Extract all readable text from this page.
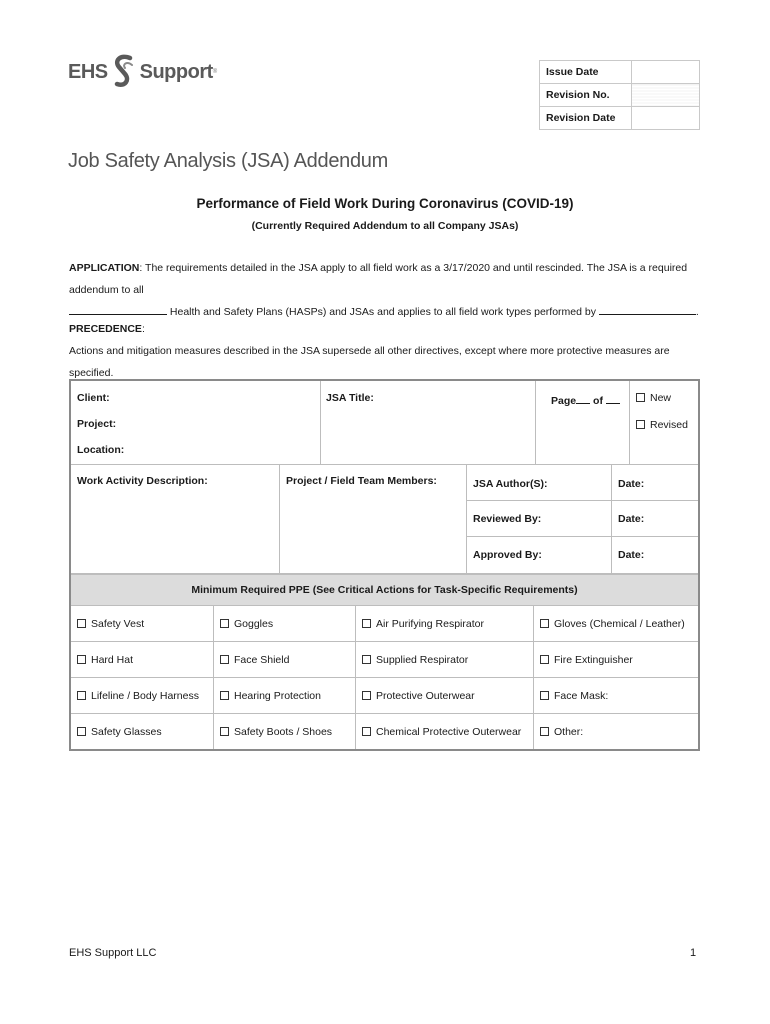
EHS Support ®	Issue Date	
Revision No.	
Revision Date	
Job Safety Analysis (JSA) Addendum
Performance of Field Work During Coronavirus (COVID-19)
(Currently Required Addendum to all Company JSAs)
APPLICATION: The requirements detailed in the JSA apply to all field work as a 3/17/2020 and until rescinded. The JSA is a required addendum to all
Health and Safety Plans (HASPs) and JSAs and applies to all field work types performed by	.
PRECEDENCE:
Actions and mitigation measures described in the JSA supersede all other directives, except where more protective measures are specified.
Client:
Project:
Location:
JSA Title:	Page of	New
Revised
Work Activity Description:	Project / Field Team Members:	JSA Author(S):	Date:
Reviewed By:	Date:
Approved By:	Date:
Minimum Required PPE (See Critical Actions for Task-Specific Requirements)
Safety Vest	Goggles	Air Purifying Respirator	Gloves (Chemical / Leather)
Hard Hat	Face Shield	Supplied Respirator	Fire Extinguisher
Lifeline / Body Harness	Hearing Protection	Protective Outerwear	Face Mask:
Safety Glasses	Safety Boots / Shoes	Chemical Protective Outerwear	Other:
EHS Support LLC	1
